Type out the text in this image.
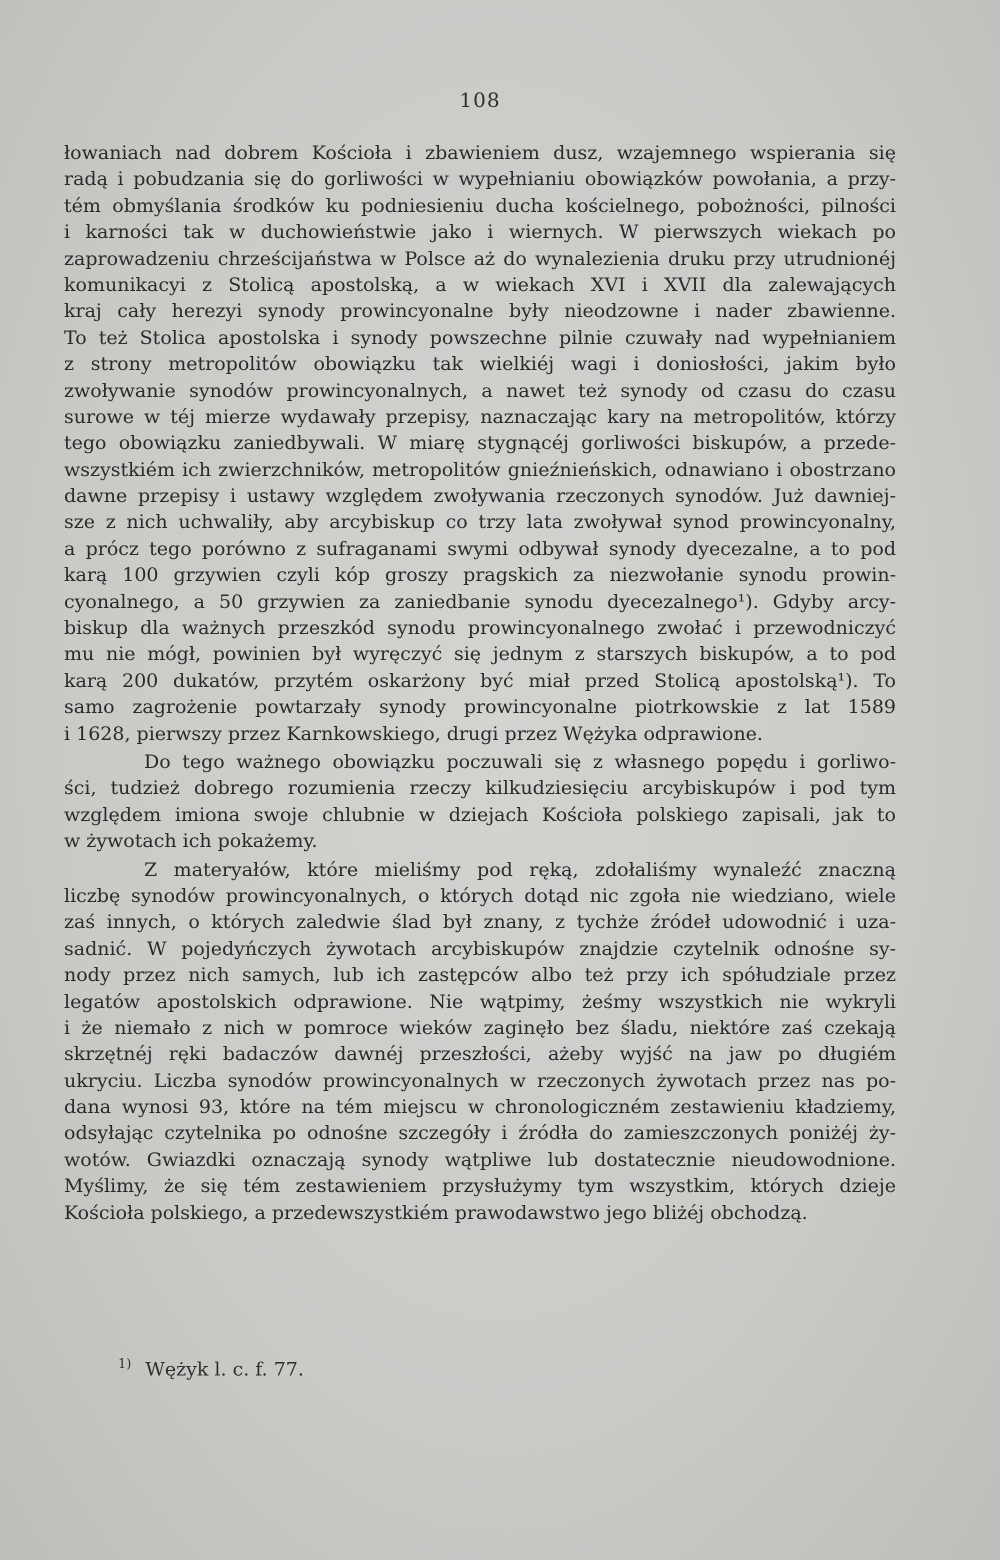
108
łowaniach nad dobrem Kościoła i zbawieniem dusz, wzajemnego wspierania się
radą i pobudzania się do gorliwości w wypełnianiu obowiązków powołania, a przy-
tém obmyślania środków ku podniesieniu ducha kościelnego, pobożności, pilności
i karności tak w duchowieństwie jako i wiernych. W pierwszych wiekach po
zaprowadzeniu chrześcijaństwa w Polsce aż do wynalezienia druku przy utrudnionéj
komunikacyi z Stolicą apostolską, a w wiekach XVI i XVII dla zalewających
kraj cały herezyi synody prowincyonalne były nieodzowne i nader zbawienne.
To też Stolica apostolska i synody powszechne pilnie czuwały nad wypełnianiem
z strony metropolitów obowiązku tak wielkiéj wagi i doniosłości, jakim było
zwoływanie synodów prowincyonalnych, a nawet też synody od czasu do czasu
surowe w téj mierze wydawały przepisy, naznaczając kary na metropolitów, którzy
tego obowiązku zaniedbywali. W miarę stygnącéj gorliwości biskupów, a przede-
wszystkiém ich zwierzchników, metropolitów gnieźnieńskich, odnawiano i obostrzano
dawne przepisy i ustawy względem zwoływania rzeczonych synodów. Już dawniej-
sze z nich uchwaliły, aby arcybiskup co trzy lata zwoływał synod prowincyonalny,
a prócz tego porówno z sufraganami swymi odbywał synody dyecezalne, a to pod
karą 100 grzywien czyli kóp groszy pragskich za niezwołanie synodu prowin-
cyonalnego, a 50 grzywien za zaniedbanie synodu dyecezalnego¹). Gdyby arcy-
biskup dla ważnych przeszkód synodu prowincyonalnego zwołać i przewodniczyć
mu nie mógł, powinien był wyręczyć się jednym z starszych biskupów, a to pod
karą 200 dukatów, przytém oskarżony być miał przed Stolicą apostolską¹). To
samo zagrożenie powtarzały synody prowincyonalne piotrkowskie z lat 1589
i 1628, pierwszy przez Karnkowskiego, drugi przez Wężyka odprawione.
Do tego ważnego obowiązku poczuwali się z własnego popędu i gorliwo-
ści, tudzież dobrego rozumienia rzeczy kilkudziesięciu arcybiskupów i pod tym
względem imiona swoje chlubnie w dziejach Kościoła polskiego zapisali, jak to
w żywotach ich pokażemy.
Z materyałów, które mieliśmy pod ręką, zdołaliśmy wynaleźć znaczną
liczbę synodów prowincyonalnych, o których dotąd nic zgoła nie wiedziano, wiele
zaś innych, o których zaledwie ślad był znany, z tychże źródeł udowodnić i uza-
sadnić. W pojedyńczych żywotach arcybiskupów znajdzie czytelnik odnośne sy-
nody przez nich samych, lub ich zastępców albo też przy ich spółudziale przez
legatów apostolskich odprawione. Nie wątpimy, żeśmy wszystkich nie wykryli
i że niemało z nich w pomroce wieków zaginęło bez śladu, niektóre zaś czekają
skrzętnéj ręki badaczów dawnéj przeszłości, ażeby wyjść na jaw po długiém
ukryciu. Liczba synodów prowincyonalnych w rzeczonych żywotach przez nas po-
dana wynosi 93, które na tém miejscu w chronologiczném zestawieniu kładziemy,
odsyłając czytelnika po odnośne szczegóły i źródła do zamieszczonych poniżéj ży-
wotów. Gwiazdki oznaczają synody wątpliwe lub dostatecznie nieudowodnione.
Myślimy, że się tém zestawieniem przysłużymy tym wszystkim, których dzieje
Kościoła polskiego, a przedewszystkiém prawodawstwo jego bliżéj obchodzą.
$^{1)}$ Wężyk l. c. f. 77.
